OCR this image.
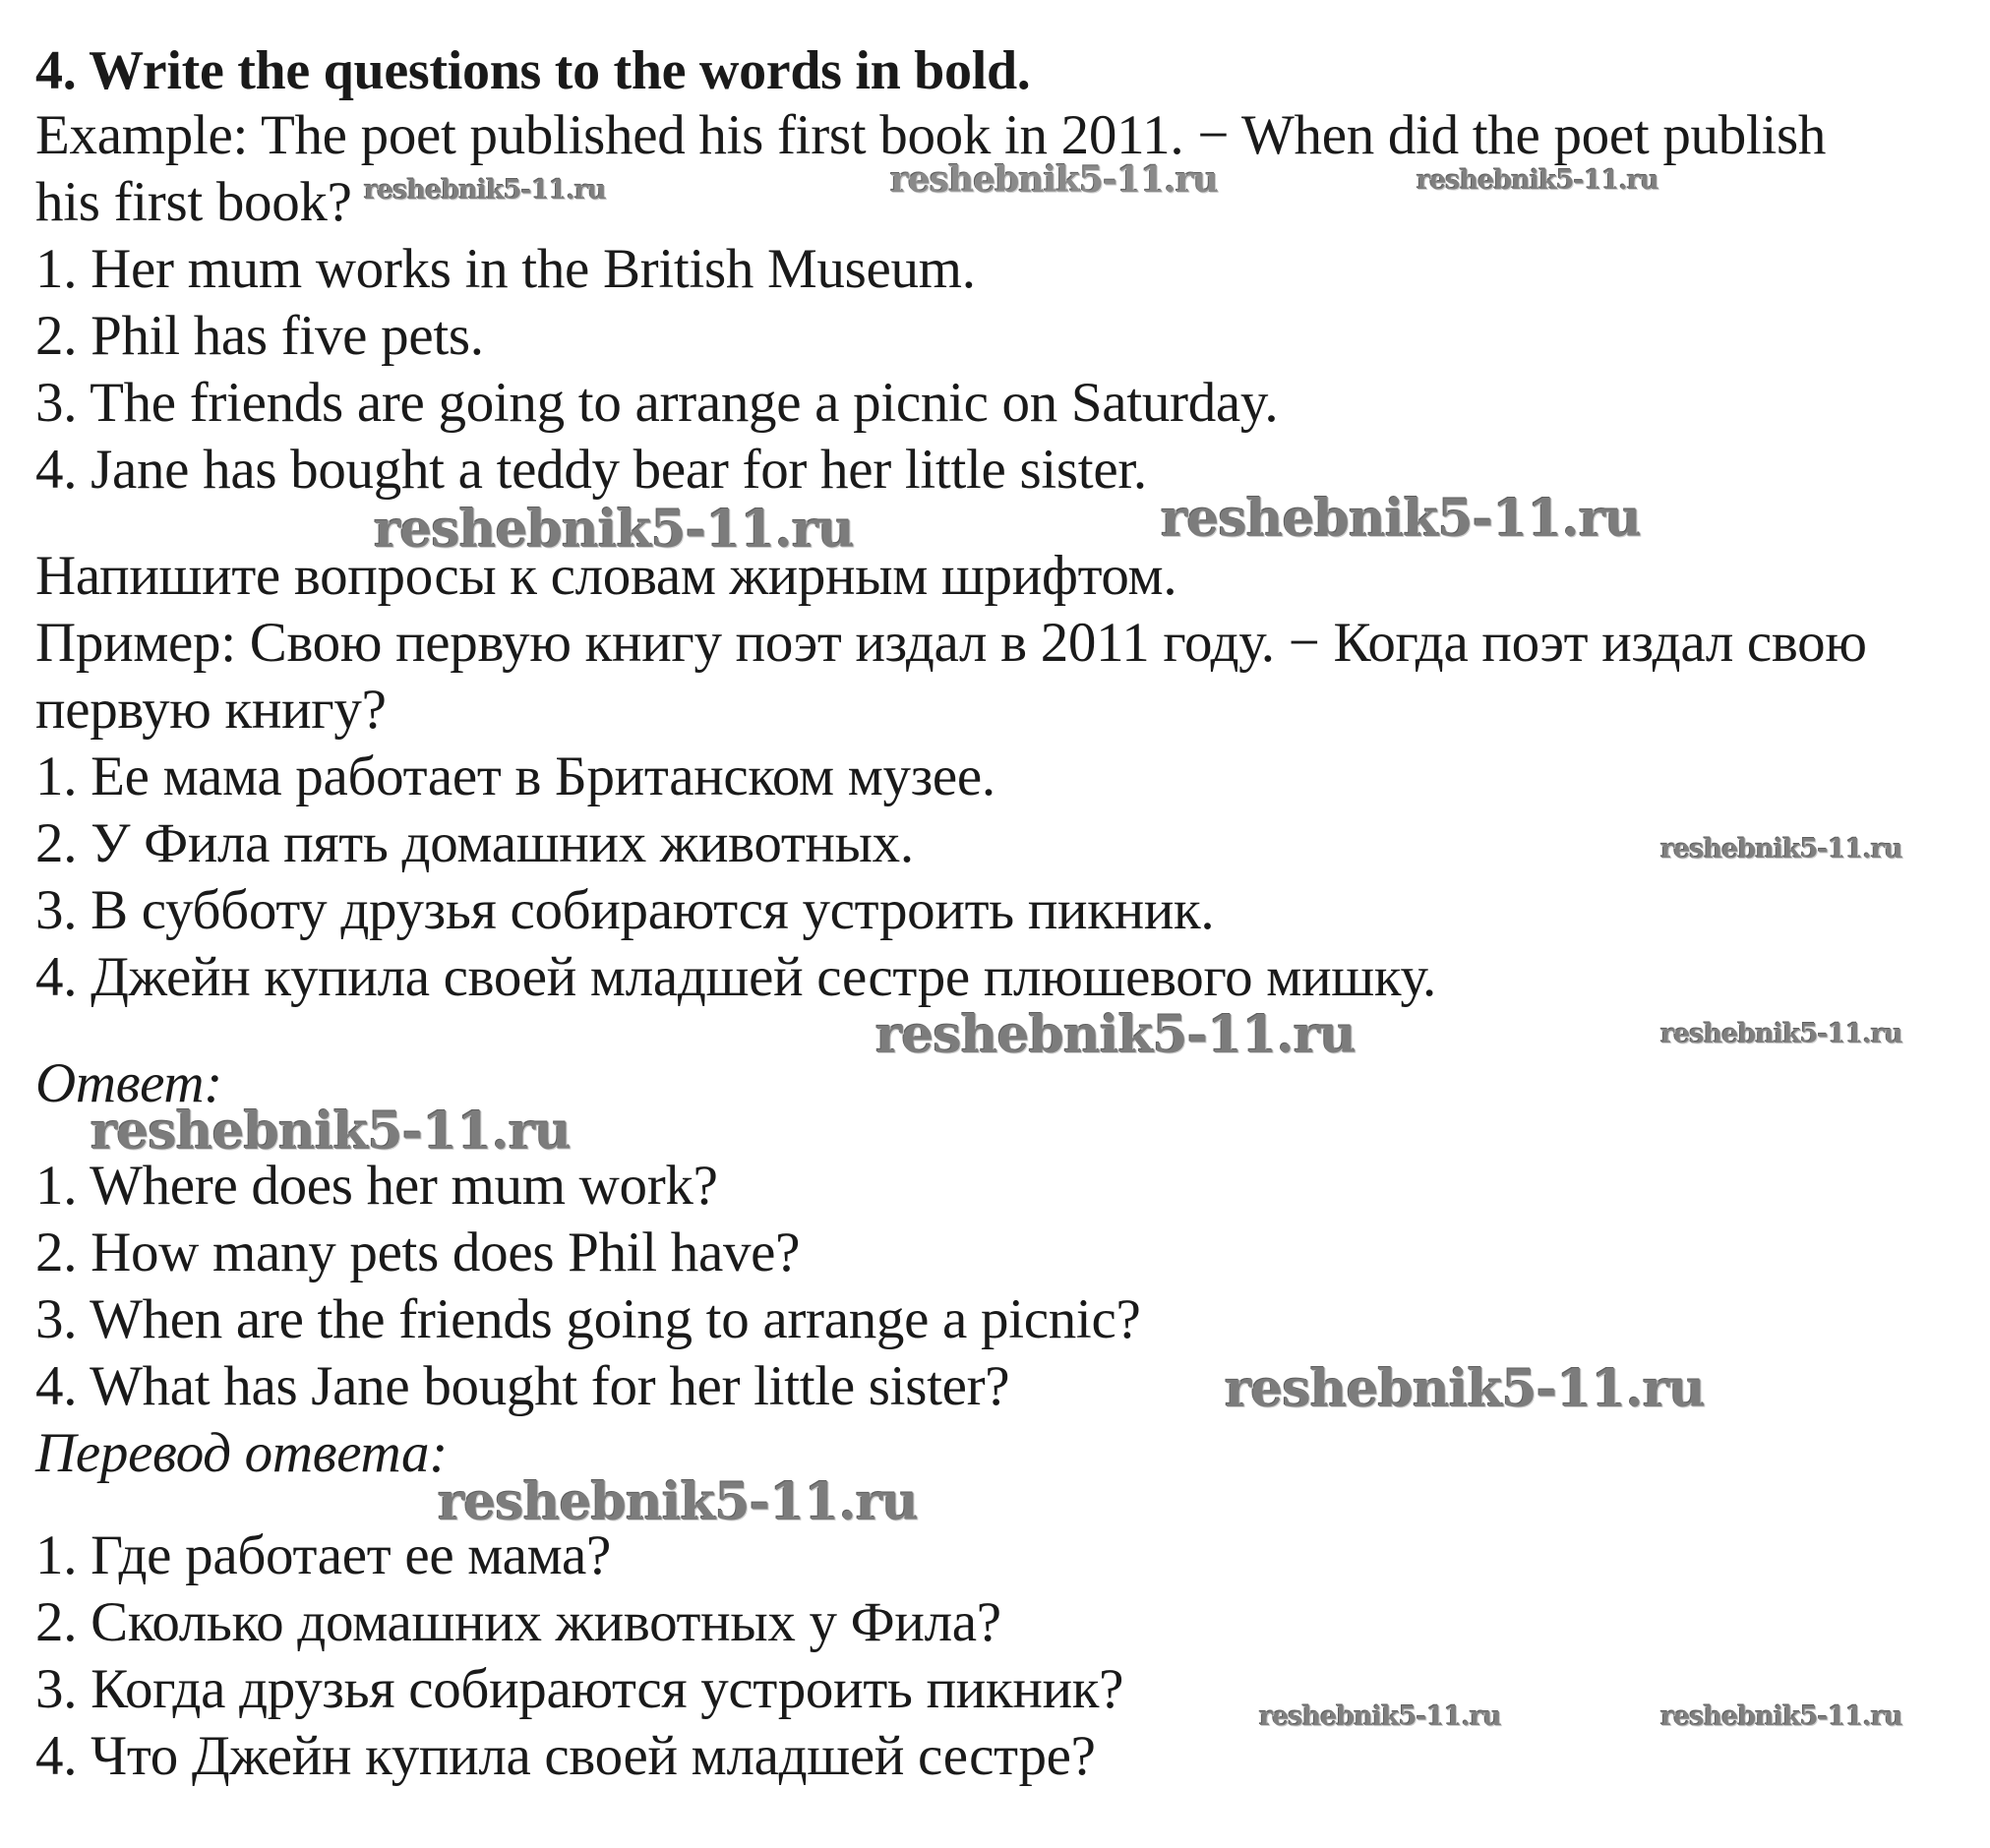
4. Write the questions to the words in bold.
Example: The poet published his first book in 2011. − When did the poet publish
his first book?
1. Her mum works in the British Museum.
2. Phil has five pets.
3. The friends are going to arrange a picnic on Saturday.
4. Jane has bought a teddy bear for her little sister.
Напишите вопросы к словам жирным шрифтом.
Пример: Свою первую книгу поэт издал в 2011 году. − Когда поэт издал свою
первую книгу?
1. Ее мама работает в Британском музее.
2. У Фила пять домашних животных.
3. В субботу друзья собираются устроить пикник.
4. Джейн купила своей младшей сестре плюшевого мишку.
Ответ:
1. Where does her mum work?
2. How many pets does Phil have?
3. When are the friends going to arrange a picnic?
4. What has Jane bought for her little sister?
Перевод ответа:
1. Где работает ее мама?
2. Сколько домашних животных у Фила?
3. Когда друзья собираются устроить пикник?
4. Что Джейн купила своей младшей сестре?
reshebnik5-11.ru	reshebnik5-11.ru	reshebnik5-11.ru
reshebnik5-11.ru	reshebnik5-11.ru
reshebnik5-11.ru
reshebnik5-11.ru	reshebnik5-11.ru
reshebnik5-11.ru
reshebnik5-11.ru
reshebnik5-11.ru
reshebnik5-11.ru	reshebnik5-11.ru
